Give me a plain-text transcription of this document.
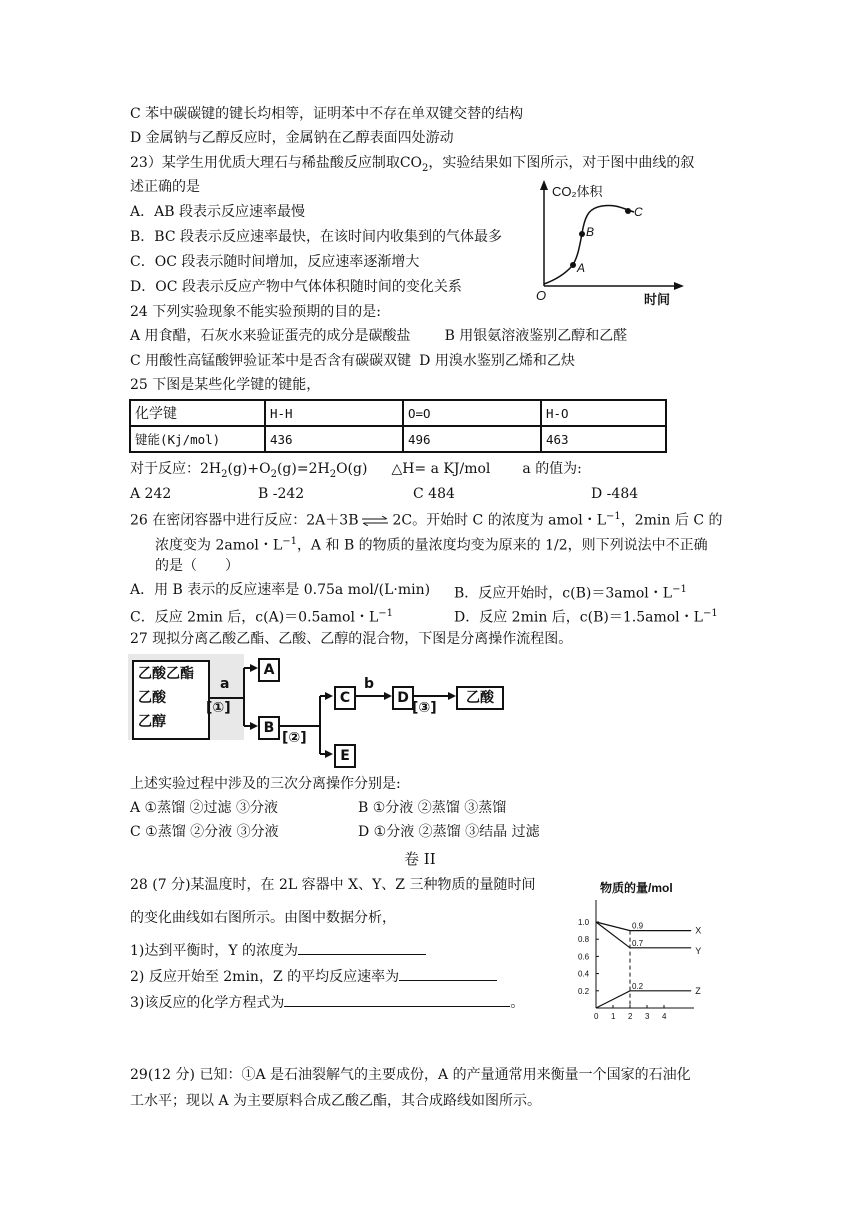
C 苯中碳碳键的键长均相等，证明苯中不存在单双键交替的结构
D 金属钠与乙醇反应时，金属钠在乙醇表面四处游动
23）某学生用优质大理石与稀盐酸反应制取$CO_2$，实验结果如下图所示，对于图中曲线的叙
述正确的是
A．AB 段表示反应速率最慢
B．BC 段表示反应速率最快，在该时间内收集到的气体最多
C．OC 段表示随时间增加，反应速率逐渐增大
D．OC 段表示反应产物中气体体积随时间的变化关系
CO₂体积
时间
O
A
B
C
24 下列实验现象不能实验预期的目的是:
A 用食醋，石灰水来验证蛋壳的成分是碳酸盐 B 用银氨溶液鉴别乙醇和乙醛
C 用酸性高锰酸钾验证苯中是否含有碳碳双键 D 用溴水鉴别乙烯和乙炔
25 下图是某些化学键的键能，
化学键	H-H	O=O	H-O
键能(Kj/mol)	436	496	463
对于反应：$2H_2(g)+O_2(g)=2H_2O(g)$ △H= a KJ/mol a 的值为:
A 242	B -242	C 484	D -484
26 在密闭容器中进行反应：2A＋3B ⇌ 2C。开始时 C 的浓度为 amol・$L^{-1}$，2min 后 C 的
浓度变为 2amol・$L^{-1}$，A 和 B 的物质的量浓度均变为原来的 1/2，则下列说法中不正确
的是（　　）
A．用 B 表示的反应速率是 0.75a mol/(L·min) B．反应开始时，c(B)＝3amol・$L^{-1}$
C．反应 2min 后，c(A)＝0.5amol・$L^{-1}$	D．反应 2min 后，c(B)＝1.5amol・$L^{-1}$
27 现拟分离乙酸乙酯、乙酸、乙醇的混合物，下图是分离操作流程图。
乙酸乙酯
乙酸
乙醇
a
[①]
A
B
[②]
C
b
D
[③]
乙酸
E
上述实验过程中涉及的三次分离操作分别是:
A ①蒸馏 ②过滤 ③分液	B ①分液 ②蒸馏 ③蒸馏
C ①蒸馏 ②分液 ③分液	D ①分液 ②蒸馏 ③结晶 过滤
卷 II
28 (7 分)某温度时，在 2L 容器中 X、Y、Z 三种物质的量随时间
的变化曲线如右图所示。由图中数据分析，
1)达到平衡时，Y 的浓度为
2) 反应开始至 2min，Z 的平均反应速率为
3)该反应的化学方程式为	。
物质的量/mol
1.0
0.8
0.6
0.4
0.2
0 1 2 3 4
0.9	X
0.7
Y
0.2	Z
29(12 分) 已知：①A 是石油裂解气的主要成份，A 的产量通常用来衡量一个国家的石油化
工水平；现以 A 为主要原料合成乙酸乙酯，其合成路线如图所示。
